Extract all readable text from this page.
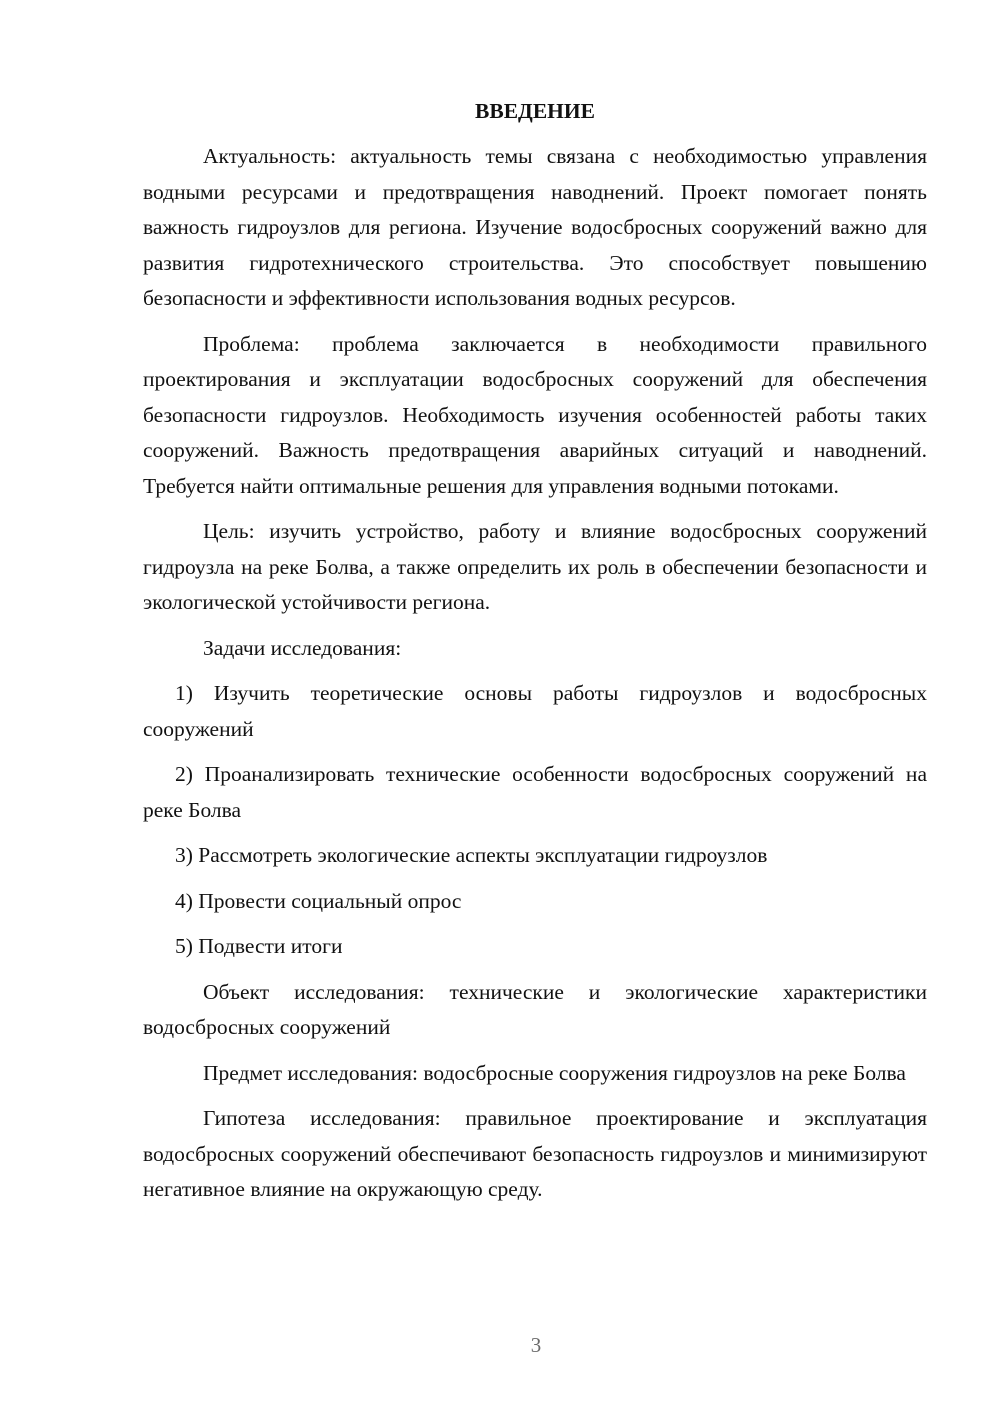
ВВЕДЕНИЕ

Актуальность: актуальность темы связана с необходимостью управления водными ресурсами и предотвращения наводнений. Проект помогает понять важность гидроузлов для региона. Изучение водосбросных сооружений важно для развития гидротехнического строительства. Это способствует повышению безопасности и эффективности использования водных ресурсов.

Проблема: проблема заключается в необходимости правильного проектирования и эксплуатации водосбросных сооружений для обеспечения безопасности гидроузлов. Необходимость изучения особенностей работы таких сооружений. Важность предотвращения аварийных ситуаций и наводнений. Требуется найти оптимальные решения для управления водными потоками.

Цель: изучить устройство, работу и влияние водосбросных сооружений гидроузла на реке Болва, а также определить их роль в обеспечении безопасности и экологической устойчивости региона.

Задачи исследования:

1) Изучить теоретические основы работы гидроузлов и водосбросных сооружений

2) Проанализировать технические особенности водосбросных сооружений на реке Болва

3) Рассмотреть экологические аспекты эксплуатации гидроузлов

4) Провести социальный опрос

5) Подвести итоги

Объект исследования: технические и экологические характеристики водосбросных сооружений

Предмет исследования: водосбросные сооружения гидроузлов на реке Болва

Гипотеза исследования: правильное проектирование и эксплуатация водосбросных сооружений обеспечивают безопасность гидроузлов и минимизируют негативное влияние на окружающую среду.

3
